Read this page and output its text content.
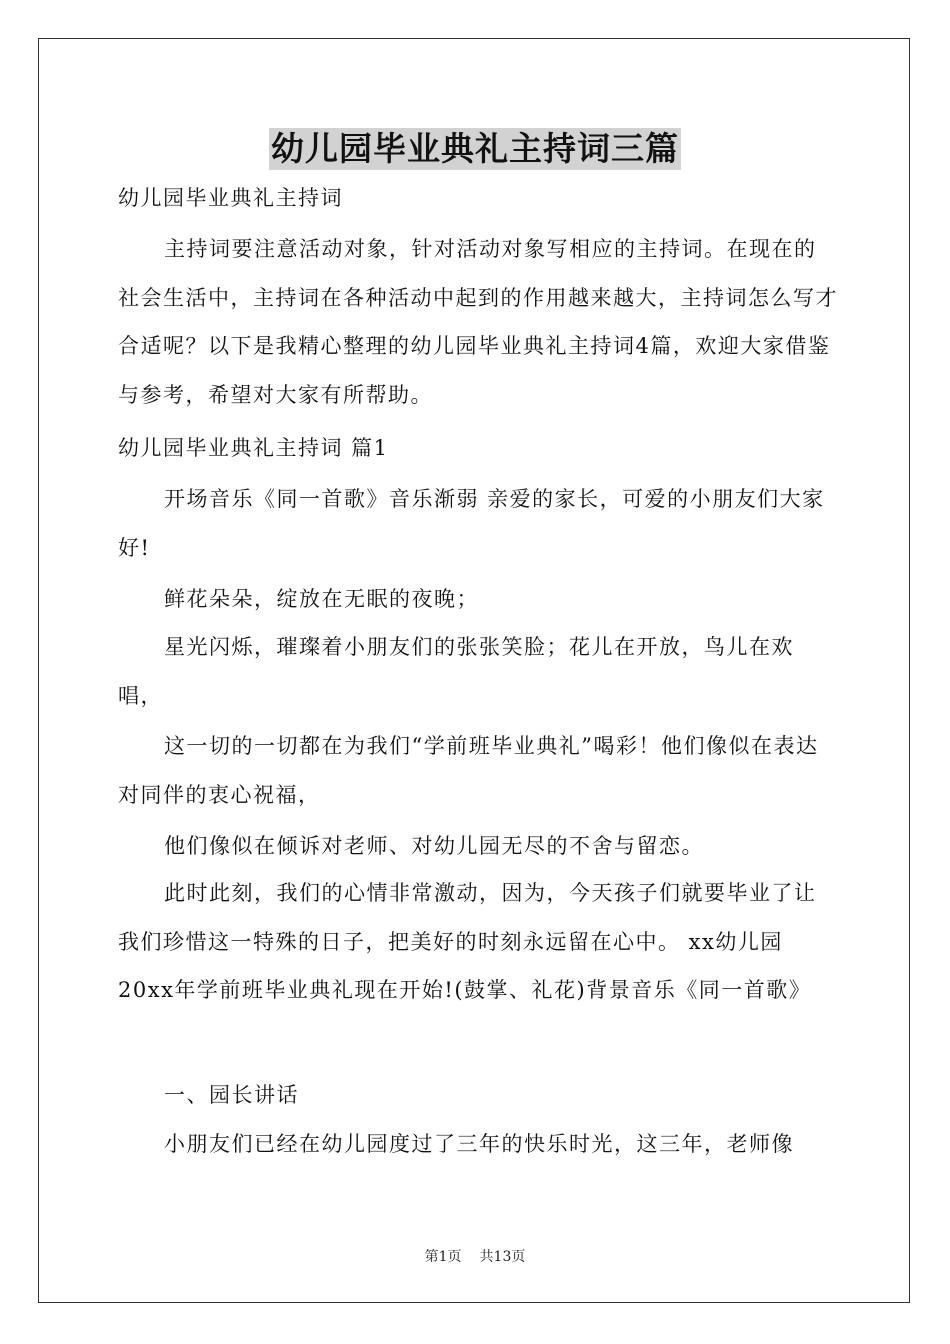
幼儿园毕业典礼主持词三篇
幼儿园毕业典礼主持词
主持词要注意活动对象，针对活动对象写相应的主持词。在现在的社会生活中，主持词在各种活动中起到的作用越来越大，主持词怎么写才合适呢？以下是我精心整理的幼儿园毕业典礼主持词4篇，欢迎大家借鉴与参考，希望对大家有所帮助。
幼儿园毕业典礼主持词 篇1
开场音乐《同一首歌》音乐渐弱 亲爱的家长，可爱的小朋友们大家好!
鲜花朵朵，绽放在无眠的夜晚；
星光闪烁，璀璨着小朋友们的张张笑脸；花儿在开放，鸟儿在欢唱，
这一切的一切都在为我们“学前班毕业典礼”喝彩！他们像似在表达对同伴的衷心祝福，
他们像似在倾诉对老师、对幼儿园无尽的不舍与留恋。
此时此刻，我们的心情非常激动，因为，今天孩子们就要毕业了让我们珍惜这一特殊的日子，把美好的时刻永远留在心中。 xx幼儿园20xx年学前班毕业典礼现在开始!(鼓掌、礼花)背景音乐《同一首歌》
一、园长讲话
小朋友们已经在幼儿园度过了三年的快乐时光，这三年，老师像
第1页 共13页
